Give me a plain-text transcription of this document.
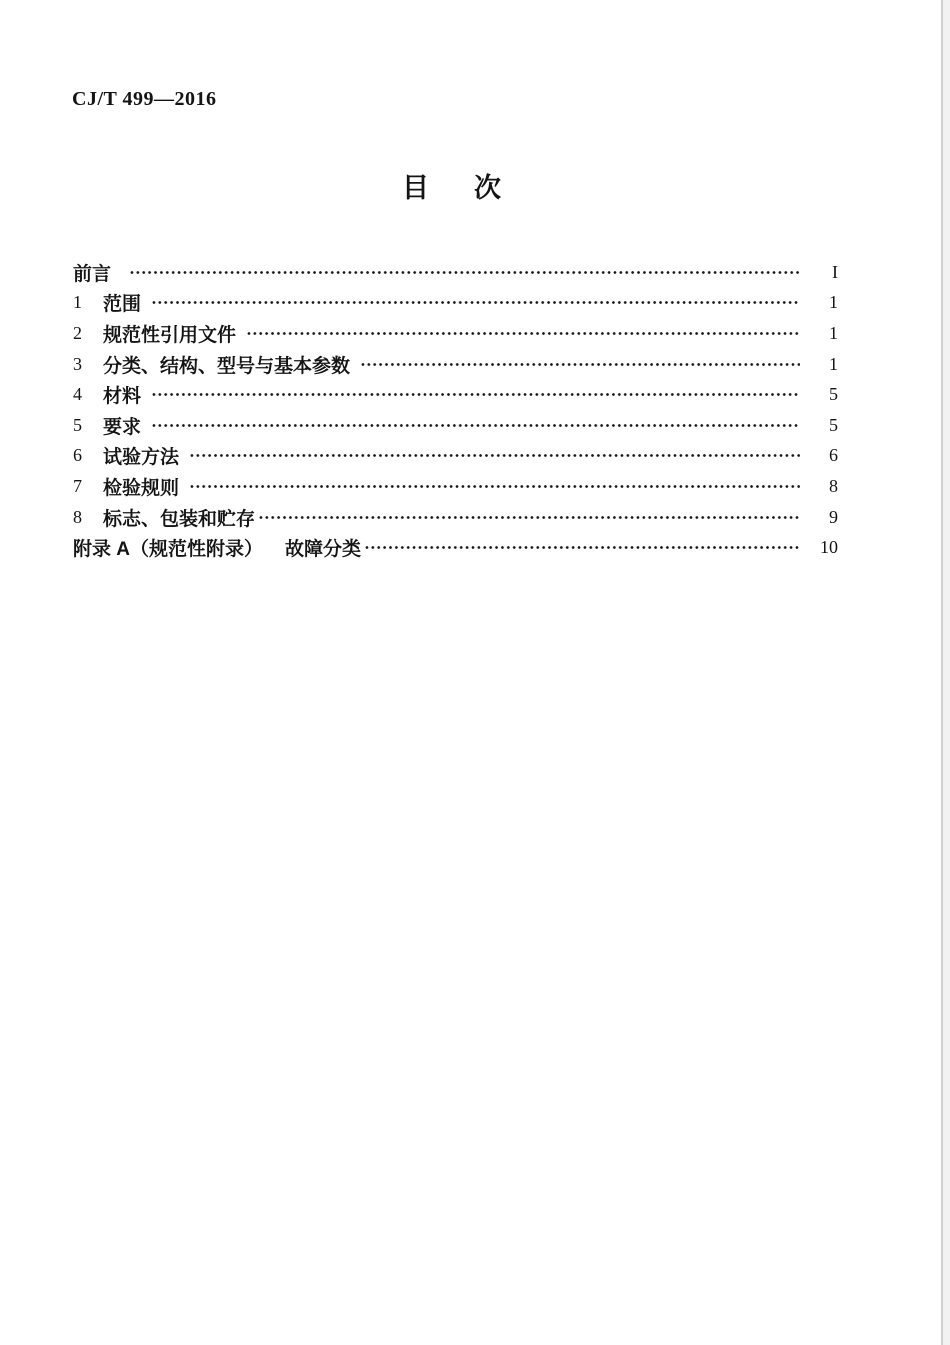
CJ/T 499—2016
目 次
前言	I
1	范围	1
2	规范性引用文件	1
3	分类、结构、型号与基本参数	1
4	材料	5
5	要求	5
6	试验方法	6
7	检验规则	8
8	标志、包装和贮存	9
附录 A（规范性附录） 故障分类	10
